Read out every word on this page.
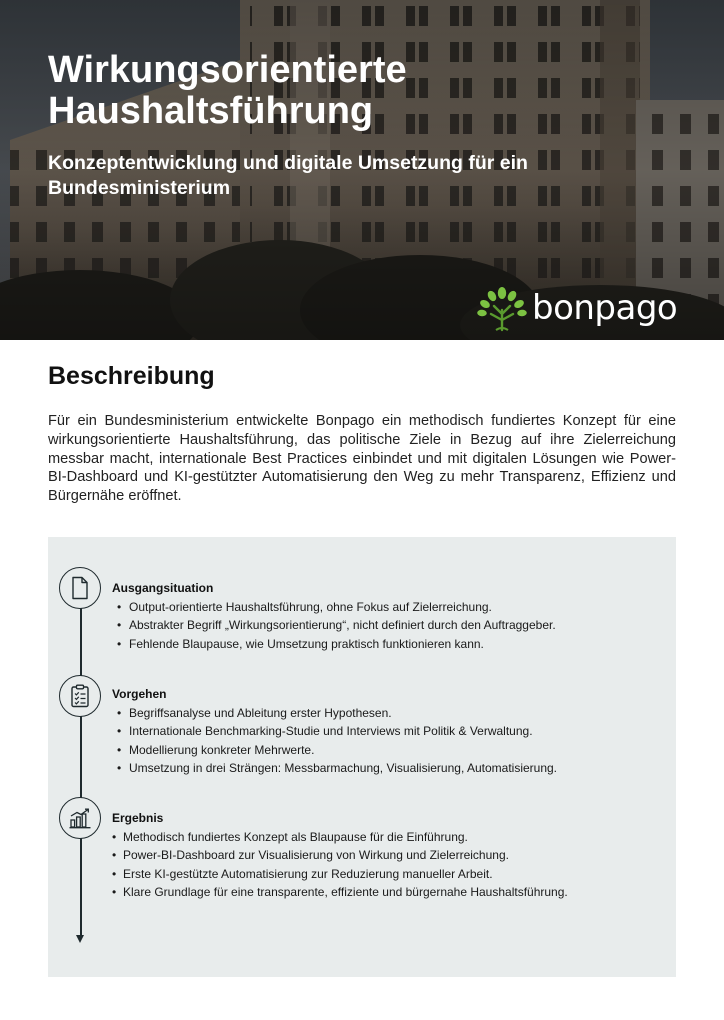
Wirkungsorientierte Haushaltsführung
Konzeptentwicklung und digitale Umsetzung für ein Bundesministerium
bonpago
Beschreibung

Für ein Bundesministerium entwickelte Bonpago ein methodisch fundiertes Konzept für eine wirkungsorientierte Haushaltsführung, das politische Ziele in Bezug auf ihre Zielerreichung messbar macht, internationale Best Practices einbindet und mit digitalen Lösungen wie Power-BI-Dashboard und KI-gestützter Automatisierung den Weg zu mehr Transparenz, Effizienz und Bürgernähe eröffnet.

Ausgangsituation

• Output-orientierte Haushaltsführung, ohne Fokus auf Zielerreichung.
• Abstrakter Begriff „Wirkungsorientierung“, nicht definiert durch den Auftraggeber.
• Fehlende Blaupause, wie Umsetzung praktisch funktionieren kann.

Vorgehen

• Begriffsanalyse und Ableitung erster Hypothesen.
• Internationale Benchmarking-Studie und Interviews mit Politik & Verwaltung.
• Modellierung konkreter Mehrwerte.
• Umsetzung in drei Strängen: Messbarmachung, Visualisierung, Automatisierung.

Ergebnis

• Methodisch fundiertes Konzept als Blaupause für die Einführung.
• Power-BI-Dashboard zur Visualisierung von Wirkung und Zielerreichung.
• Erste KI-gestützte Automatisierung zur Reduzierung manueller Arbeit.
• Klare Grundlage für eine transparente, effiziente und bürgernahe Haushaltsführung.
